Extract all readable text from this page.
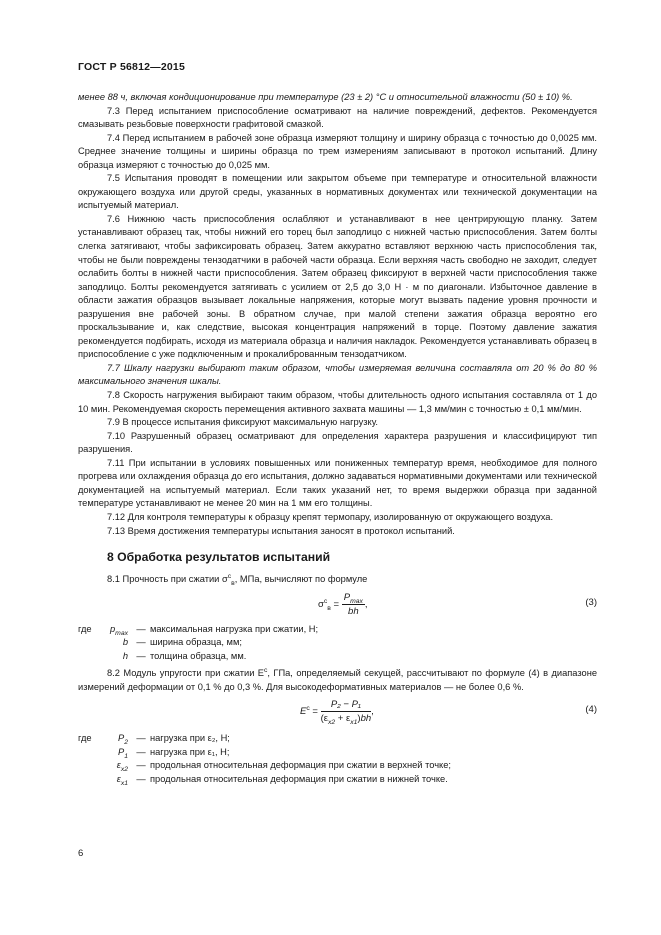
ГОСТ Р 56812—2015

менее 88 ч, включая кондиционирование при температуре (23 ± 2) °С и относительной влажности (50 ± 10) %.

7.3 Перед испытанием приспособление осматривают на наличие повреждений, дефектов. Рекомендуется смазывать резьбовые поверхности графитовой смазкой.

7.4 Перед испытанием в рабочей зоне образца измеряют толщину и ширину образца с точностью до 0,0025 мм. Среднее значение толщины и ширины образца по трем измерениям записывают в протокол испытаний. Длину образца измеряют с точностью до 0,025 мм.

7.5 Испытания проводят в помещении или закрытом объеме при температуре и относительной влажности окружающего воздуха или другой среды, указанных в нормативных документах или технической документации на испытуемый материал.

7.6 Нижнюю часть приспособления ослабляют и устанавливают в нее центрирующую планку. Затем устанавливают образец так, чтобы нижний его торец был заподлицо с нижней частью приспособления. Затем болты слегка затягивают, чтобы зафиксировать образец. Затем аккуратно вставляют верхнюю часть приспособления так, чтобы не были повреждены тензодатчики в рабочей части образца. Если верхняя часть свободно не заходит, следует ослабить болты в нижней части приспособления. Затем образец фиксируют в верхней части приспособления также заподлицо. Болты рекомендуется затягивать с усилием от 2,5 до 3,0 Н · м по диагонали. Избыточное давление в области зажатия образцов вызывает локальные напряжения, которые могут вызвать падение уровня прочности и разрушения вне рабочей зоны. В обратном случае, при малой степени зажатия образца вероятно его проскальзывание и, как следствие, высокая концентрация напряжений в торце. Поэтому давление зажатия рекомендуется подбирать, исходя из материала образца и наличия накладок. Рекомендуется устанавливать образец в приспособление с уже подключенным и прокалиброванным тензодатчиком.

7.7 Шкалу нагрузки выбирают таким образом, чтобы измеряемая величина составляла от 20 % до 80 % максимального значения шкалы.

7.8 Скорость нагружения выбирают таким образом, чтобы длительность одного испытания составляла от 1 до 10 мин. Рекомендуемая скорость перемещения активного захвата машины — 1,3 мм/мин с точностью ± 0,1 мм/мин.

7.9 В процессе испытания фиксируют максимальную нагрузку.

7.10 Разрушенный образец осматривают для определения характера разрушения и классифицируют тип разрушения.

7.11 При испытании в условиях повышенных или пониженных температур время, необходимое для полного прогрева или охлаждения образца до его испытания, должно задаваться нормативными документами или технической документацией на испытуемый материал. Если таких указаний нет, то время выдержки образца при заданной температуре устанавливают не менее 20 мин на 1 мм его толщины.

7.12 Для контроля температуры к образцу крепят термопару, изолированную от окружающего воздуха.

7.13 Время достижения температуры испытания заносят в протокол испытаний.

8 Обработка результатов испытаний

8.1 Прочность при сжатии $\sigma^с_в$, МПа, вычисляют по формуле

$\sigma^с_в = \frac{P_{max}}{bh}$ ,	(3)
где	$p_{max}$ — максимальная нагрузка при сжатии, Н;
b — ширина образца, мм;
h — толщина образца, мм.

8.2 Модуль упругости при сжатии $E^с$, ГПа, определяемый секущей, рассчитывают по формуле (4) в диапазоне измерений деформации от 0,1 % до 0,3 %. Для высокодеформативных материалов — не более 0,6 %.

$E^с = \frac{\text{P₂ − P₁}}{(\varepsilon_{x2} + \varepsilon_{x1})bh}$ ,	(4)
где	$P_2$ — нагрузка при ε₂, Н;
$P_1$ — нагрузка при ε₁, Н;
$\varepsilon_{x2}$ — продольная относительная деформация при сжатии в верхней точке;
$\varepsilon_{x1}$ — продольная относительная деформация при сжатии в нижней точке.
6
